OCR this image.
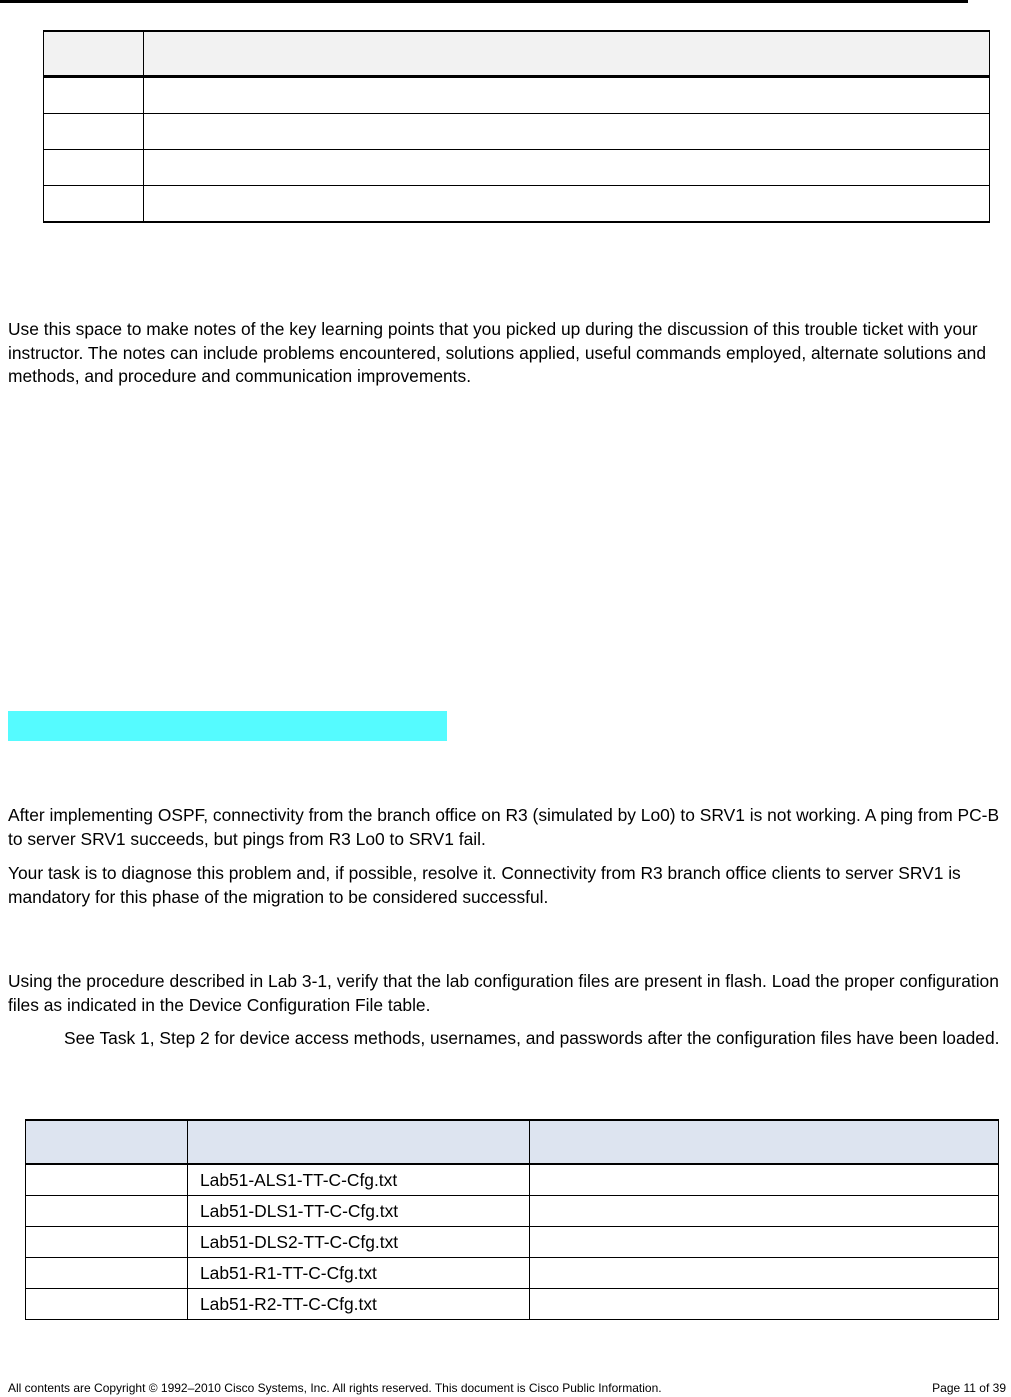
Use this space to make notes of the key learning points that you picked up during the discussion of this trouble ticket with your instructor. The notes can include problems encountered, solutions applied, useful commands employed, alternate solutions and methods, and procedure and communication improvements.

After implementing OSPF, connectivity from the branch office on R3 (simulated by Lo0) to SRV1 is not working. A ping from PC-B to server SRV1 succeeds, but pings from R3 Lo0 to SRV1 fail.

Your task is to diagnose this problem and, if possible, resolve it. Connectivity from R3 branch office clients to server SRV1 is mandatory for this phase of the migration to be considered successful.

Using the procedure described in Lab 3-1, verify that the lab configuration files are present in flash. Load the proper configuration files as indicated in the Device Configuration File table.

See Task 1, Step 2 for device access methods, usernames, and passwords after the configuration files have been loaded.

	Lab51-ALS1-TT-C-Cfg.txt	
	Lab51-DLS1-TT-C-Cfg.txt	
	Lab51-DLS2-TT-C-Cfg.txt	
	Lab51-R1-TT-C-Cfg.txt	
	Lab51-R2-TT-C-Cfg.txt	
All contents are Copyright © 1992–2010 Cisco Systems, Inc. All rights reserved. This document is Cisco Public Information.	Page 11 of 39
